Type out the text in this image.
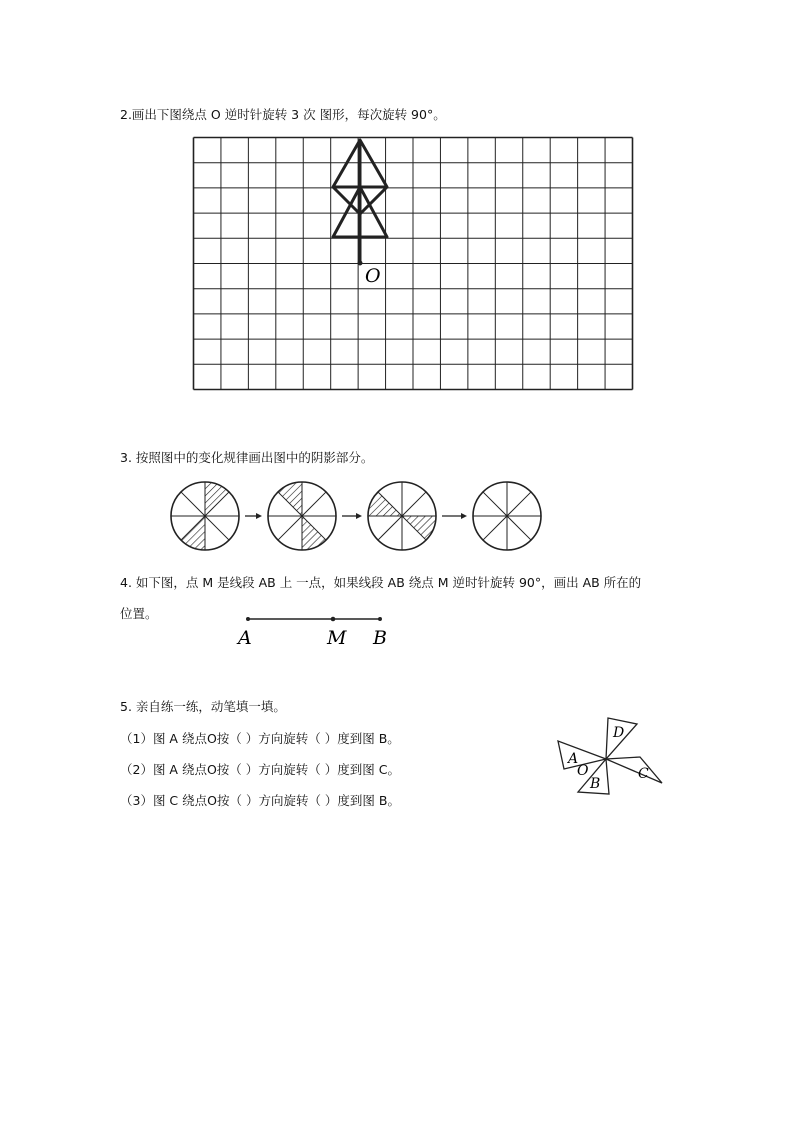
2.画出下图绕点 O 逆时针旋转 3 次 图形，每次旋转 90°。
O
3. 按照图中的变化规律画出图中的阴影部分。
4. 如下图，点 M 是线段 AB 上 一点，如果线段 AB 绕点 M 逆时针旋转 90°，画出 AB 所在的
位置。
A	M B
5. 亲自练一练，动笔填一填。
（1）图 A 绕点O按（ ）方向旋转（ ）度到图 B。
（2）图 A 绕点O按（ ）方向旋转（ ）度到图 C。
（3）图 C 绕点O按（ ）方向旋转（ ）度到图 B。
A
D
C
B
O
